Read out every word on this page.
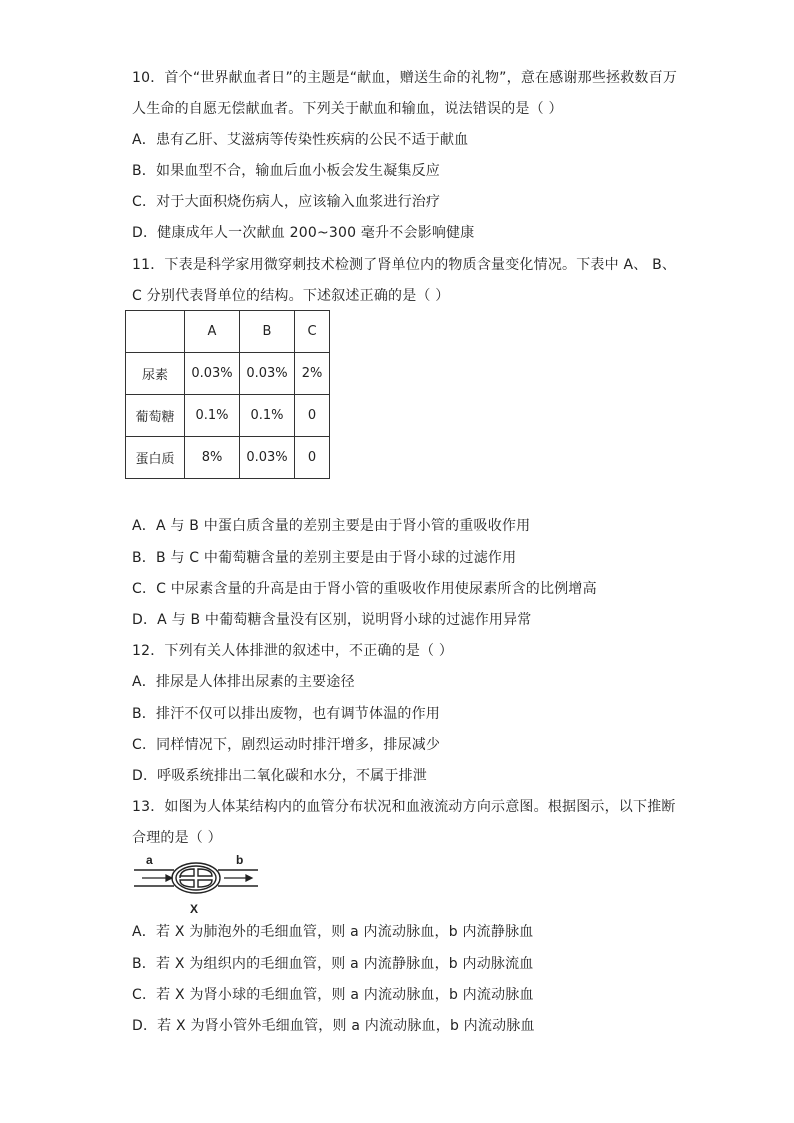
10．首个“世界献血者日”的主题是“献血，赠送生命的礼物”，意在感谢那些拯救数百万
人生命的自愿无偿献血者。下列关于献血和输血，说法错误的是（ ）
A．患有乙肝、艾滋病等传染性疾病的公民不适于献血
B．如果血型不合，输血后血小板会发生凝集反应
C．对于大面积烧伤病人，应该输入血浆进行治疗
D．健康成年人一次献血 200~300 毫升不会影响健康
11．下表是科学家用微穿刺技术检测了肾单位内的物质含量变化情况。下表中 A、 B、
C 分别代表肾单位的结构。下述叙述正确的是（ ）
	A	B	C
尿素	0.03%	0.03%	2%
葡萄糖	0.1%	0.1%	0
蛋白质	8%	0.03%	0
A．A 与 B 中蛋白质含量的差别主要是由于肾小管的重吸收作用
B．B 与 C 中葡萄糖含量的差别主要是由于肾小球的过滤作用
C．C 中尿素含量的升高是由于肾小管的重吸收作用使尿素所含的比例增高
D．A 与 B 中葡萄糖含量没有区别，说明肾小球的过滤作用异常
12．下列有关人体排泄的叙述中，不正确的是（ ）
A．排尿是人体排出尿素的主要途径
B．排汗不仅可以排出废物，也有调节体温的作用
C．同样情况下，剧烈运动时排汗增多，排尿减少
D．呼吸系统排出二氧化碳和水分，不属于排泄
13．如图为人体某结构内的血管分布状况和血液流动方向示意图。根据图示，以下推断
合理的是（ ）
a	b
X
A．若 X 为肺泡外的毛细血管，则 a 内流动脉血，b 内流静脉血
B．若 X 为组织内的毛细血管，则 a 内流静脉血，b 内动脉流血
C．若 X 为肾小球的毛细血管，则 a 内流动脉血，b 内流动脉血
D．若 X 为肾小管外毛细血管，则 a 内流动脉血，b 内流动脉血
